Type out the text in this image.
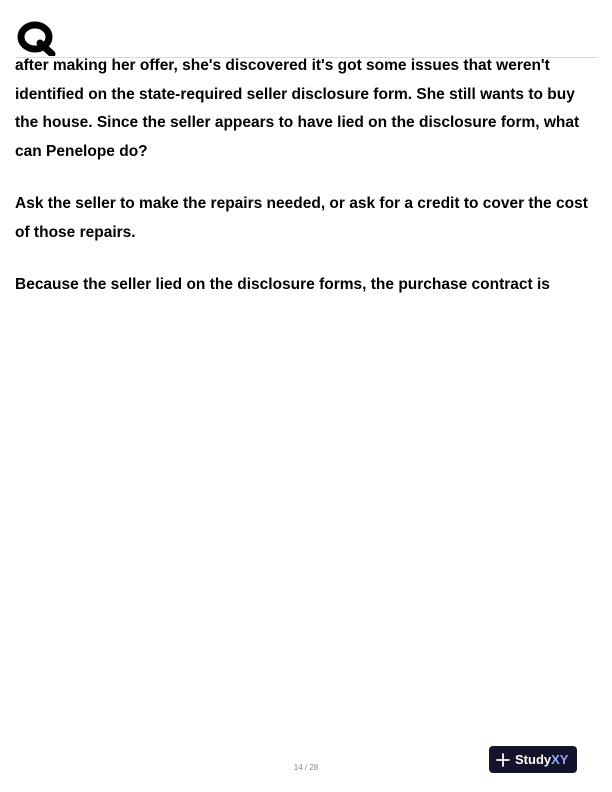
after making her offer, she's discovered it's got some issues that weren't identified on the state-required seller disclosure form. She still wants to buy the house. Since the seller appears to have lied on the disclosure form, what can Penelope do?

Ask the seller to make the repairs needed, or ask for a credit to cover the cost of those repairs.

Because the seller lied on the disclosure forms, the purchase contract is

14 / 28
StudyXY
